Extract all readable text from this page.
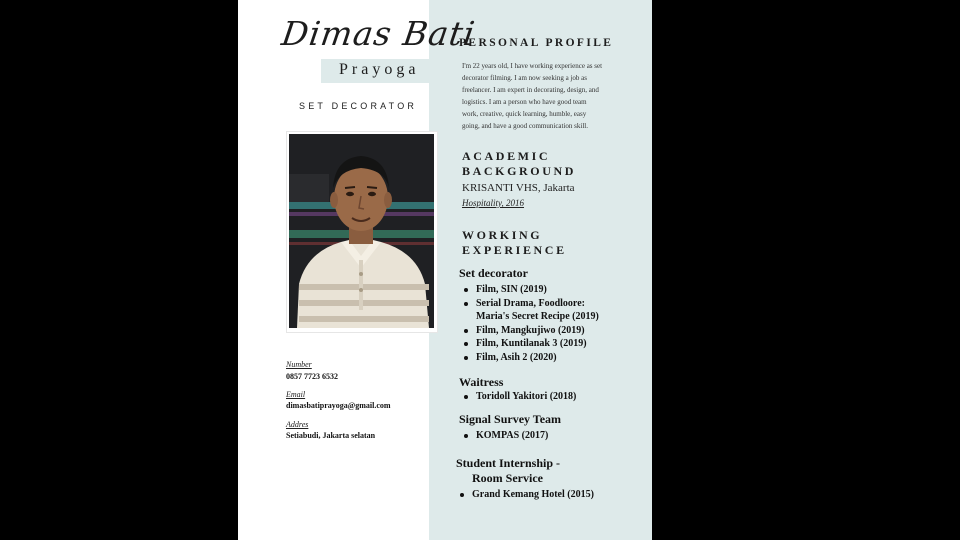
Dimas Bati
Prayoga
SET DECORATOR
Number
0857 7723 6532
Email
dimasbatiprayoga@gmail.com
Addres
Setiabudi, Jakarta selatan
PERSONAL PROFILE
I'm 22 years old, I have working experience as set
decorator filming. I am now seeking a job as
freelancer. I am expert in decorating, design, and
logistics. I am a person who have good team
work, creative, quick learning, humble, easy
going, and have a good communication skill.
ACADEMIC
BACKGROUND
KRISANTI VHS, Jakarta
Hospitality, 2016
WORKING
EXPERIENCE
Set decorator
Film, SIN (2019)
Serial Drama, Foodloore:
Maria's Secret Recipe (2019)
Film, Mangkujiwo (2019)
Film, Kuntilanak 3 (2019)
Film, Asih 2 (2020)
Waitress
Toridoll Yakitori (2018)
Signal Survey Team
KOMPAS (2017)
Student Internship -
Room Service
Grand Kemang Hotel (2015)
